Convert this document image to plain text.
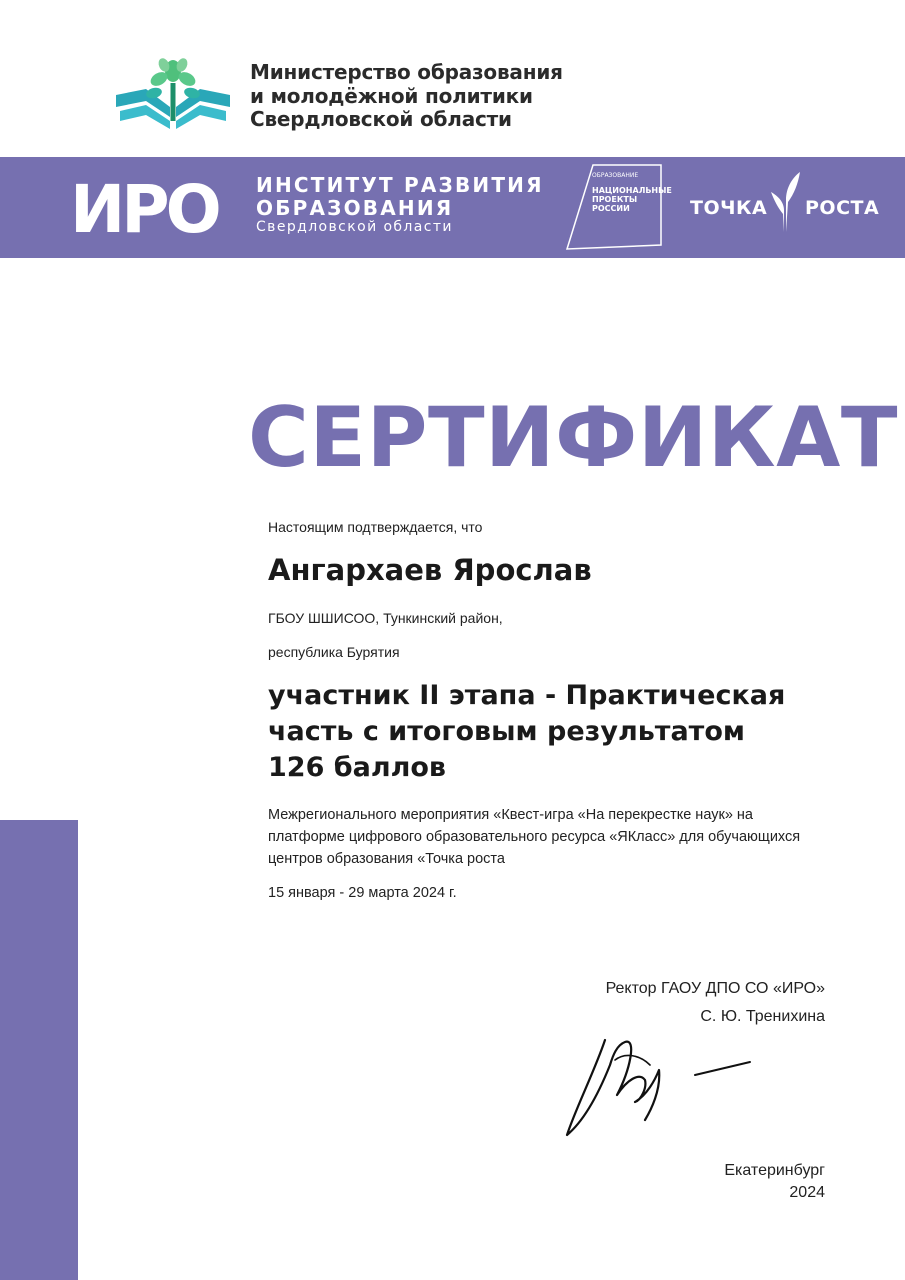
Министерство образования
и молодёжной политики
Свердловской области
ИРО ИНСТИТУТ РАЗВИТИЯ
ОБРАЗОВАНИЯ
Свердловской области
ОБРАЗОВАНИЕ
НАЦИОНАЛЬНЫЕ ПРОЕКТЫ РОССИИ	ТОЧКА РОСТА
СЕРТИФИКАТ
Настоящим подтверждается, что
Ангархаев Ярослав
ГБОУ ШШИСОО, Тункинский район,
республика Бурятия
участник II этапа - Практическая
часть с итоговым результатом
126 баллов
Межрегионального мероприятия «Квест-игра «На перекрестке наук» на
платформе цифрового образовательного ресурса «ЯКласс» для обучающихся
центров образования «Точка роста
15 января - 29 марта 2024 г.
Ректор ГАОУ ДПО СО «ИРО»
С. Ю. Тренихина
Екатеринбург
2024
